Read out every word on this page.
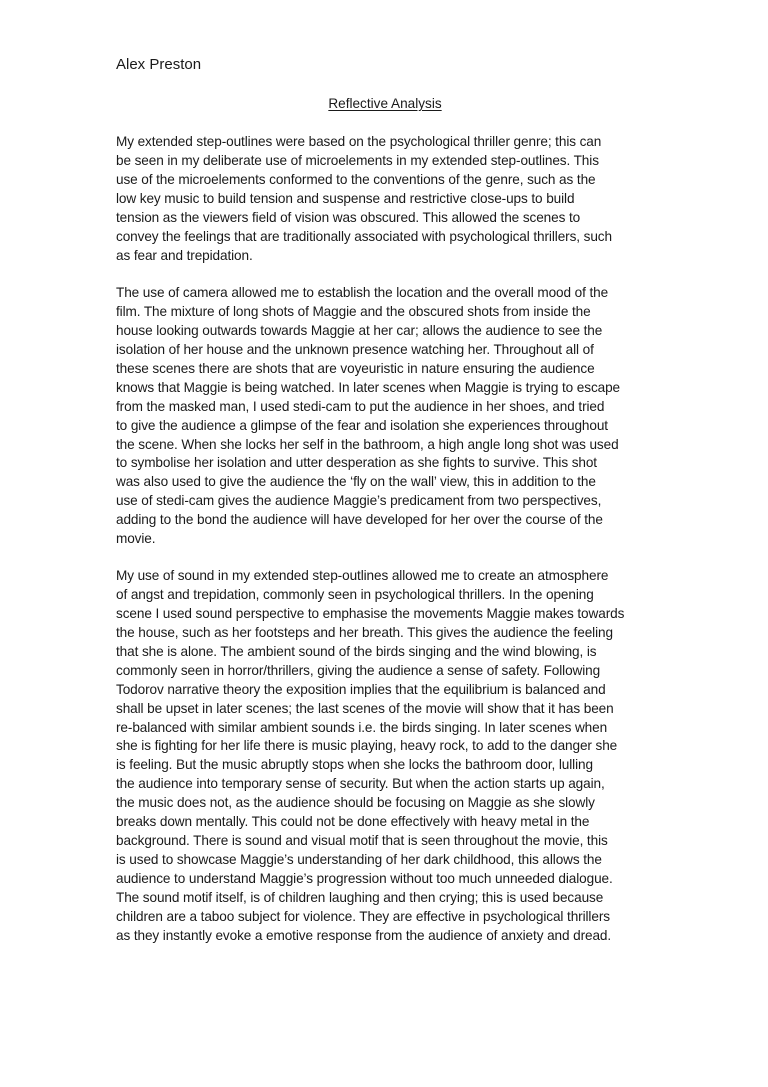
Alex Preston
Reflective Analysis
My extended step-outlines were based on the psychological thriller genre; this can
be seen in my deliberate use of microelements in my extended step-outlines. This
use of the microelements conformed to the conventions of the genre, such as the
low key music to build tension and suspense and restrictive close-ups to build
tension as the viewers field of vision was obscured. This allowed the scenes to
convey the feelings that are traditionally associated with psychological thrillers, such
as fear and trepidation.
The use of camera allowed me to establish the location and the overall mood of the
film. The mixture of long shots of Maggie and the obscured shots from inside the
house looking outwards towards Maggie at her car; allows the audience to see the
isolation of her house and the unknown presence watching her. Throughout all of
these scenes there are shots that are voyeuristic in nature ensuring the audience
knows that Maggie is being watched. In later scenes when Maggie is trying to escape
from the masked man, I used stedi-cam to put the audience in her shoes, and tried
to give the audience a glimpse of the fear and isolation she experiences throughout
the scene. When she locks her self in the bathroom, a high angle long shot was used
to symbolise her isolation and utter desperation as she fights to survive. This shot
was also used to give the audience the ‘fly on the wall’ view, this in addition to the
use of stedi-cam gives the audience Maggie’s predicament from two perspectives,
adding to the bond the audience will have developed for her over the course of the
movie.
My use of sound in my extended step-outlines allowed me to create an atmosphere
of angst and trepidation, commonly seen in psychological thrillers. In the opening
scene I used sound perspective to emphasise the movements Maggie makes towards
the house, such as her footsteps and her breath. This gives the audience the feeling
that she is alone. The ambient sound of the birds singing and the wind blowing, is
commonly seen in horror/thrillers, giving the audience a sense of safety. Following
Todorov narrative theory the exposition implies that the equilibrium is balanced and
shall be upset in later scenes; the last scenes of the movie will show that it has been
re-balanced with similar ambient sounds i.e. the birds singing. In later scenes when
she is fighting for her life there is music playing, heavy rock, to add to the danger she
is feeling. But the music abruptly stops when she locks the bathroom door, lulling
the audience into temporary sense of security. But when the action starts up again,
the music does not, as the audience should be focusing on Maggie as she slowly
breaks down mentally. This could not be done effectively with heavy metal in the
background. There is sound and visual motif that is seen throughout the movie, this
is used to showcase Maggie’s understanding of her dark childhood, this allows the
audience to understand Maggie’s progression without too much unneeded dialogue.
The sound motif itself, is of children laughing and then crying; this is used because
children are a taboo subject for violence. They are effective in psychological thrillers
as they instantly evoke a emotive response from the audience of anxiety and dread.
